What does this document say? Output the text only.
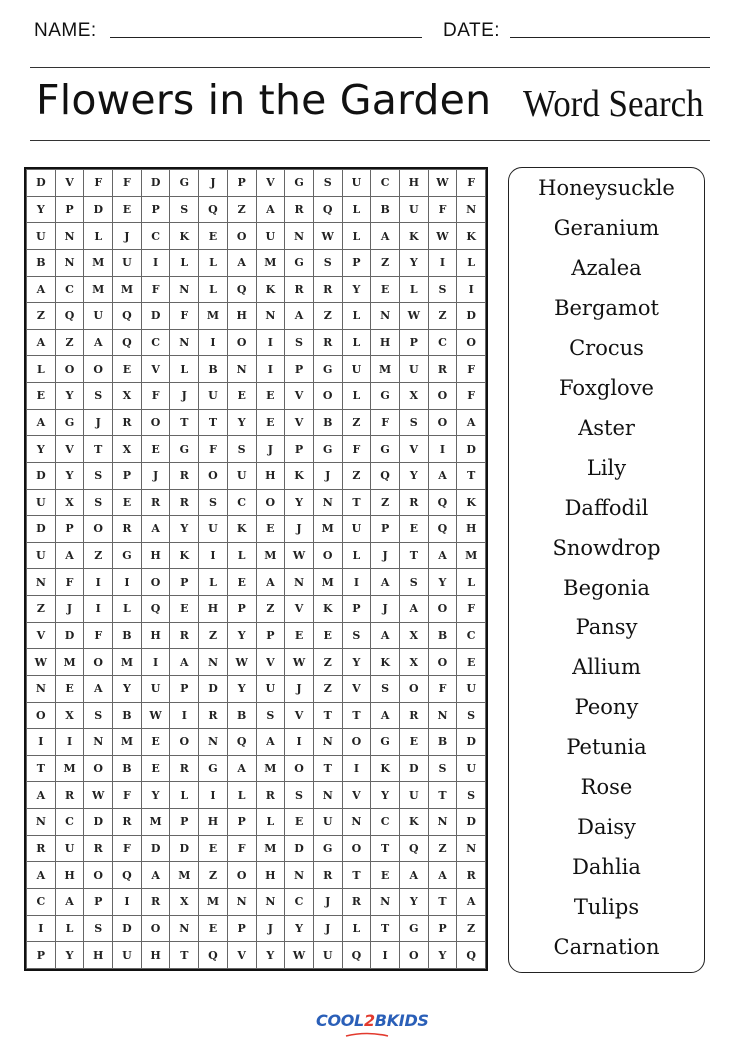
NAME:	DATE:
Flowers in the Garden Word Search
D	V	F	F	D	G	J	P	V	G	S	U	C	H	W	F
Y	P	D	E	P	S	Q	Z	A	R	Q	L	B	U	F	N
U	N	L	J	C	K	E	O	U	N	W	L	A	K	W	K
B	N	M	U	I	L	L	A	M	G	S	P	Z	Y	I	L
A	C	M	M	F	N	L	Q	K	R	R	Y	E	L	S	I
Z	Q	U	Q	D	F	M	H	N	A	Z	L	N	W	Z	D
A	Z	A	Q	C	N	I	O	I	S	R	L	H	P	C	O
L	O	O	E	V	L	B	N	I	P	G	U	M	U	R	F
E	Y	S	X	F	J	U	E	E	V	O	L	G	X	O	F
A	G	J	R	O	T	T	Y	E	V	B	Z	F	S	O	A
Y	V	T	X	E	G	F	S	J	P	G	F	G	V	I	D
D	Y	S	P	J	R	O	U	H	K	J	Z	Q	Y	A	T
U	X	S	E	R	R	S	C	O	Y	N	T	Z	R	Q	K
D	P	O	R	A	Y	U	K	E	J	M	U	P	E	Q	H
U	A	Z	G	H	K	I	L	M	W	O	L	J	T	A	M
N	F	I	I	O	P	L	E	A	N	M	I	A	S	Y	L
Z	J	I	L	Q	E	H	P	Z	V	K	P	J	A	O	F
V	D	F	B	H	R	Z	Y	P	E	E	S	A	X	B	C
W	M	O	M	I	A	N	W	V	W	Z	Y	K	X	O	E
N	E	A	Y	U	P	D	Y	U	J	Z	V	S	O	F	U
O	X	S	B	W	I	R	B	S	V	T	T	A	R	N	S
I	I	N	M	E	O	N	Q	A	I	N	O	G	E	B	D
T	M	O	B	E	R	G	A	M	O	T	I	K	D	S	U
A	R	W	F	Y	L	I	L	R	S	N	V	Y	U	T	S
N	C	D	R	M	P	H	P	L	E	U	N	C	K	N	D
R	U	R	F	D	D	E	F	M	D	G	O	T	Q	Z	N
A	H	O	Q	A	M	Z	O	H	N	R	T	E	A	A	R
C	A	P	I	R	X	M	N	N	C	J	R	N	Y	T	A
I	L	S	D	O	N	E	P	J	Y	J	L	T	G	P	Z
P	Y	H	U	H	T	Q	V	Y	W	U	Q	I	O	Y	Q
Honeysuckle
Geranium
Azalea
Bergamot
Crocus
Foxglove
Aster
Lily
Daffodil
Snowdrop
Begonia
Pansy
Allium
Peony
Petunia
Rose
Daisy
Dahlia
Tulips
Carnation
COOL2BKIDS
